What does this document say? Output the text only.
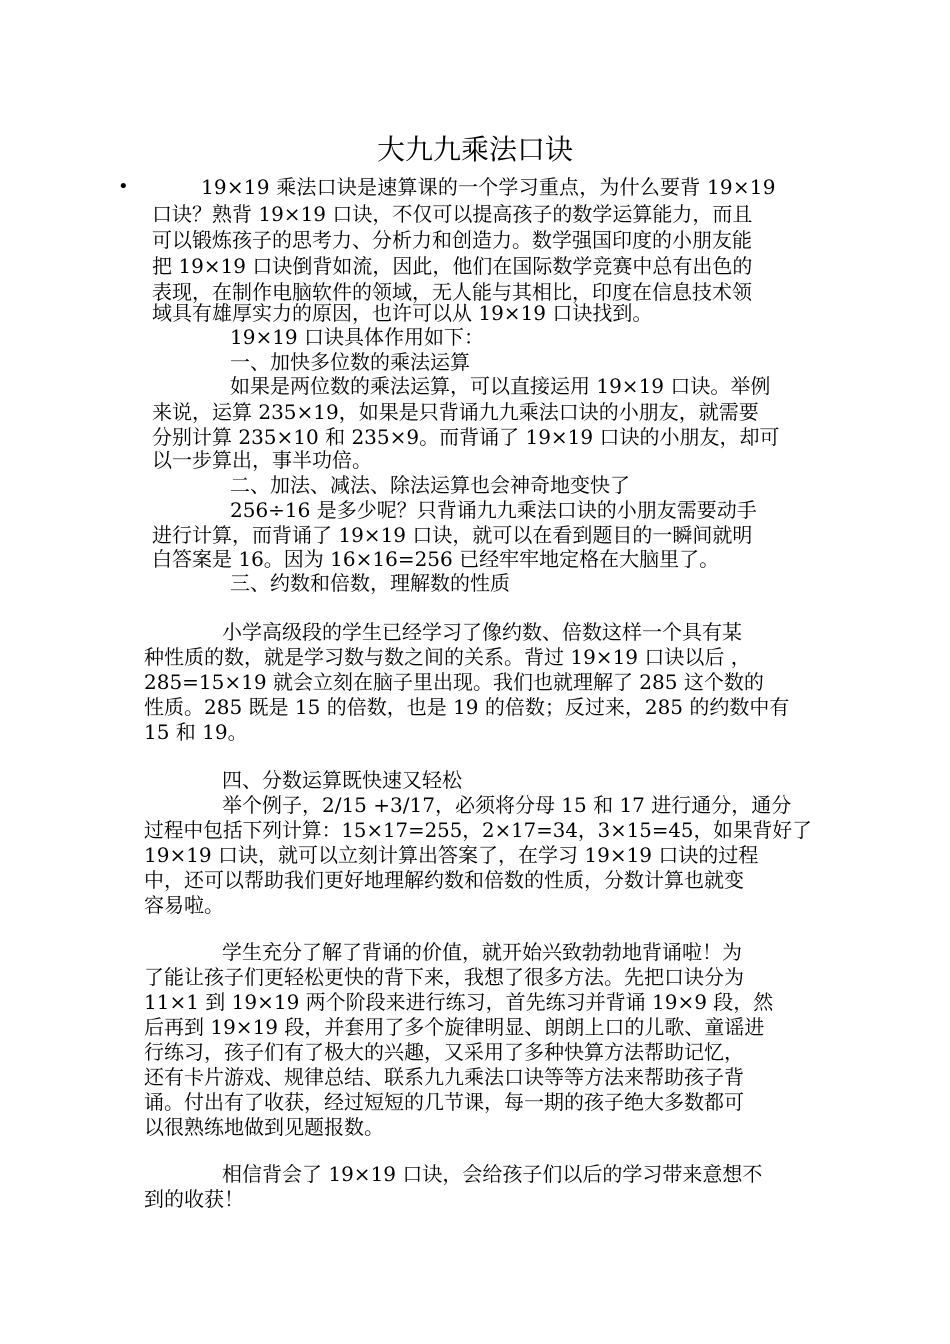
大九九乘法口诀
•	19×19 乘法口诀是速算课的一个学习重点，为什么要背 19×19
口诀？熟背 19×19 口诀，不仅可以提高孩子的数学运算能力，而且
可以锻炼孩子的思考力、分析力和创造力。数学强国印度的小朋友能
把 19×19 口诀倒背如流，因此，他们在国际数学竞赛中总有出色的
表现，在制作电脑软件的领域，无人能与其相比，印度在信息技术领
域具有雄厚实力的原因，也许可以从 19×19 口诀找到。
19×19 口诀具体作用如下：
一、加快多位数的乘法运算
如果是两位数的乘法运算，可以直接运用 19×19 口诀。举例
来说，运算 235×19，如果是只背诵九九乘法口诀的小朋友，就需要
分别计算 235×10 和 235×9。而背诵了 19×19 口诀的小朋友，却可
以一步算出，事半功倍。
二、加法、减法、除法运算也会神奇地变快了
256÷16 是多少呢？只背诵九九乘法口诀的小朋友需要动手
进行计算，而背诵了 19×19 口诀，就可以在看到题目的一瞬间就明
白答案是 16。因为 16×16=256 已经牢牢地定格在大脑里了。
三、约数和倍数，理解数的性质
小学高级段的学生已经学习了像约数、倍数这样一个具有某
种性质的数，就是学习数与数之间的关系。背过 19×19 口诀以后 ，
285=15×19 就会立刻在脑子里出现。我们也就理解了 285 这个数的
性质。285 既是 15 的倍数，也是 19 的倍数；反过来，285 的约数中有
15 和 19。
四、分数运算既快速又轻松
举个例子，2/15 +3/17，必须将分母 15 和 17 进行通分，通分
过程中包括下列计算：15×17=255，2×17=34，3×15=45，如果背好了
19×19 口诀，就可以立刻计算出答案了，在学习 19×19 口诀的过程
中，还可以帮助我们更好地理解约数和倍数的性质，分数计算也就变
容易啦。
学生充分了解了背诵的价值，就开始兴致勃勃地背诵啦！为
了能让孩子们更轻松更快的背下来，我想了很多方法。先把口诀分为
11×1 到 19×19 两个阶段来进行练习，首先练习并背诵 19×9 段，然
后再到 19×19 段，并套用了多个旋律明显、朗朗上口的儿歌、童谣进
行练习，孩子们有了极大的兴趣，又采用了多种快算方法帮助记忆，
还有卡片游戏、规律总结、联系九九乘法口诀等等方法来帮助孩子背
诵。付出有了收获，经过短短的几节课，每一期的孩子绝大多数都可
以很熟练地做到见题报数。
相信背会了 19×19 口诀，会给孩子们以后的学习带来意想不
到的收获！
